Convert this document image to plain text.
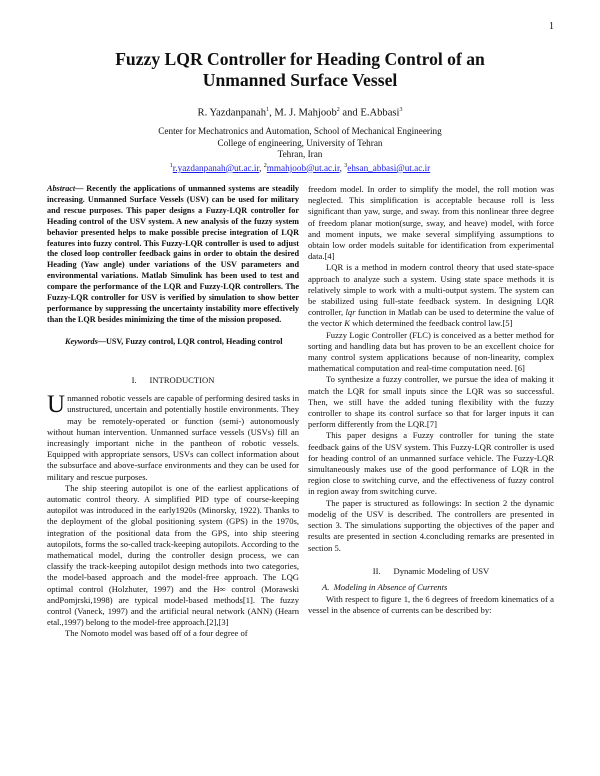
1
Fuzzy LQR Controller for Heading Control of an
Unmanned Surface Vessel
R. Yazdanpanah$^1$, M. J. Mahjoob$^2$ and E.Abbasi$^3$
Center for Mechatronics and Automation, School of Mechanical Engineering
College of engineering, University of Tehran
Tehran, Iran
$^1$r.yazdanpanah@ut.ac.ir, $^2$mmahjoob@ut.ac.ir, $^3$ehsan_abbasi@ut.ac.ir

Abstract— Recently the applications of unmanned systems are steadily increasing. Unmanned Surface Vessels (USV) can be used for military and rescue purposes. This paper designs a Fuzzy-LQR controller for Heading control of the USV system. A new analysis of the fuzzy system behavior presented helps to make possible precise integration of LQR features into fuzzy control. This Fuzzy-LQR controller is used to adjust the closed loop controller feedback gains in order to obtain the desired Heading (Yaw angle) under variations of the USV parameters and environmental variations. Matlab Simulink has been used to test and compare the performance of the LQR and Fuzzy-LQR controllers. The Fuzzy-LQR controller for USV is verified by simulation to show better performance by suppressing the uncertainty instability more effectively than the LQR besides minimizing the time of the mission proposed.

Keywords—USV, Fuzzy control, LQR control, Heading control

I. INTRODUCTION

Unmanned robotic vessels are capable of performing desired tasks in unstructured, uncertain and potentially hostile environments. They may be remotely-operated or function (semi-) autonomously without human intervention. Unmanned surface vessels (USVs) fill an increasingly important niche in the pantheon of robotic vessels. Equipped with appropriate sensors, USVs can collect information about the subsurface and above-surface environments and they can be used for military and rescue purposes.

The ship steering autopilot is one of the earliest applications of automatic control theory. A simplified PID type of course-keeping autopilot was introduced in the early1920s (Minorsky, 1922). Thanks to the deployment of the global positioning system (GPS) in the 1970s, integration of the positional data from the GPS, into ship steering autopilots, forms the so-called track-keeping autopilots. According to the mathematical model, during the controller design process, we can classify the track-keeping autopilot design methods into two categories, the model-based approach and the model-free approach. The LQG optimal control (Holzhuter, 1997) and the H∞ control (Morawski andPomjrski,1998) are typical model-based methods[1]. The fuzzy control (Vaneck, 1997) and the artificial neural network (ANN) (Hearn etal.,1997) belong to the model-free approach.[2],[3]

The Nomoto model was based off of a four degree of

freedom model. In order to simplify the model, the roll motion was neglected. This simplification is acceptable because roll is less significant than yaw, surge, and sway. from this nonlinear three degree of freedom planar motion(surge, sway, and heave) model, with force and moment inputs, we make several simplifying assumptions to obtain low order models suitable for identification from experimental data.[4]

LQR is a method in modern control theory that used state-space approach to analyze such a system. Using state space methods it is relatively simple to work with a multi-output system. The system can be stabilized using full-state feedback system. In designing LQR controller, lqr function in Matlab can be used to determine the value of the vector K which determined the feedback control law.[5]

Fuzzy Logic Controller (FLC) is conceived as a better method for sorting and handling data but has proven to be an excellent choice for many control system applications because of non-linearity, complex mathematical computation and real-time computation need. [6]

To synthesize a fuzzy controller, we pursue the idea of making it match the LQR for small inputs since the LQR was so successful. Then, we still have the added tuning flexibility with the fuzzy controller to shape its control surface so that for larger inputs it can perform differently from the LQR.[7]

This paper designs a Fuzzy controller for tuning the state feedback gains of the USV system. This Fuzzy-LQR controller is used for heading control of an unmanned surface vehicle. The Fuzzy-LQR simultaneously makes use of the good performance of LQR in the region close to switching curve, and the effectiveness of fuzzy control in region away from switching curve.

The paper is structured as followings: In section 2 the dynamic modelig of the USV is described. The controllers are presented in section 3. The simulations supporting the objectives of the paper and results are presented in section 4.concluding remarks are presented in section 5.

II. Dynamic Modeling of USV
A. Modeling in Absence of Currents

With respect to figure 1, the 6 degrees of freedom kinematics of a vessel in the absence of currents can be described by:
